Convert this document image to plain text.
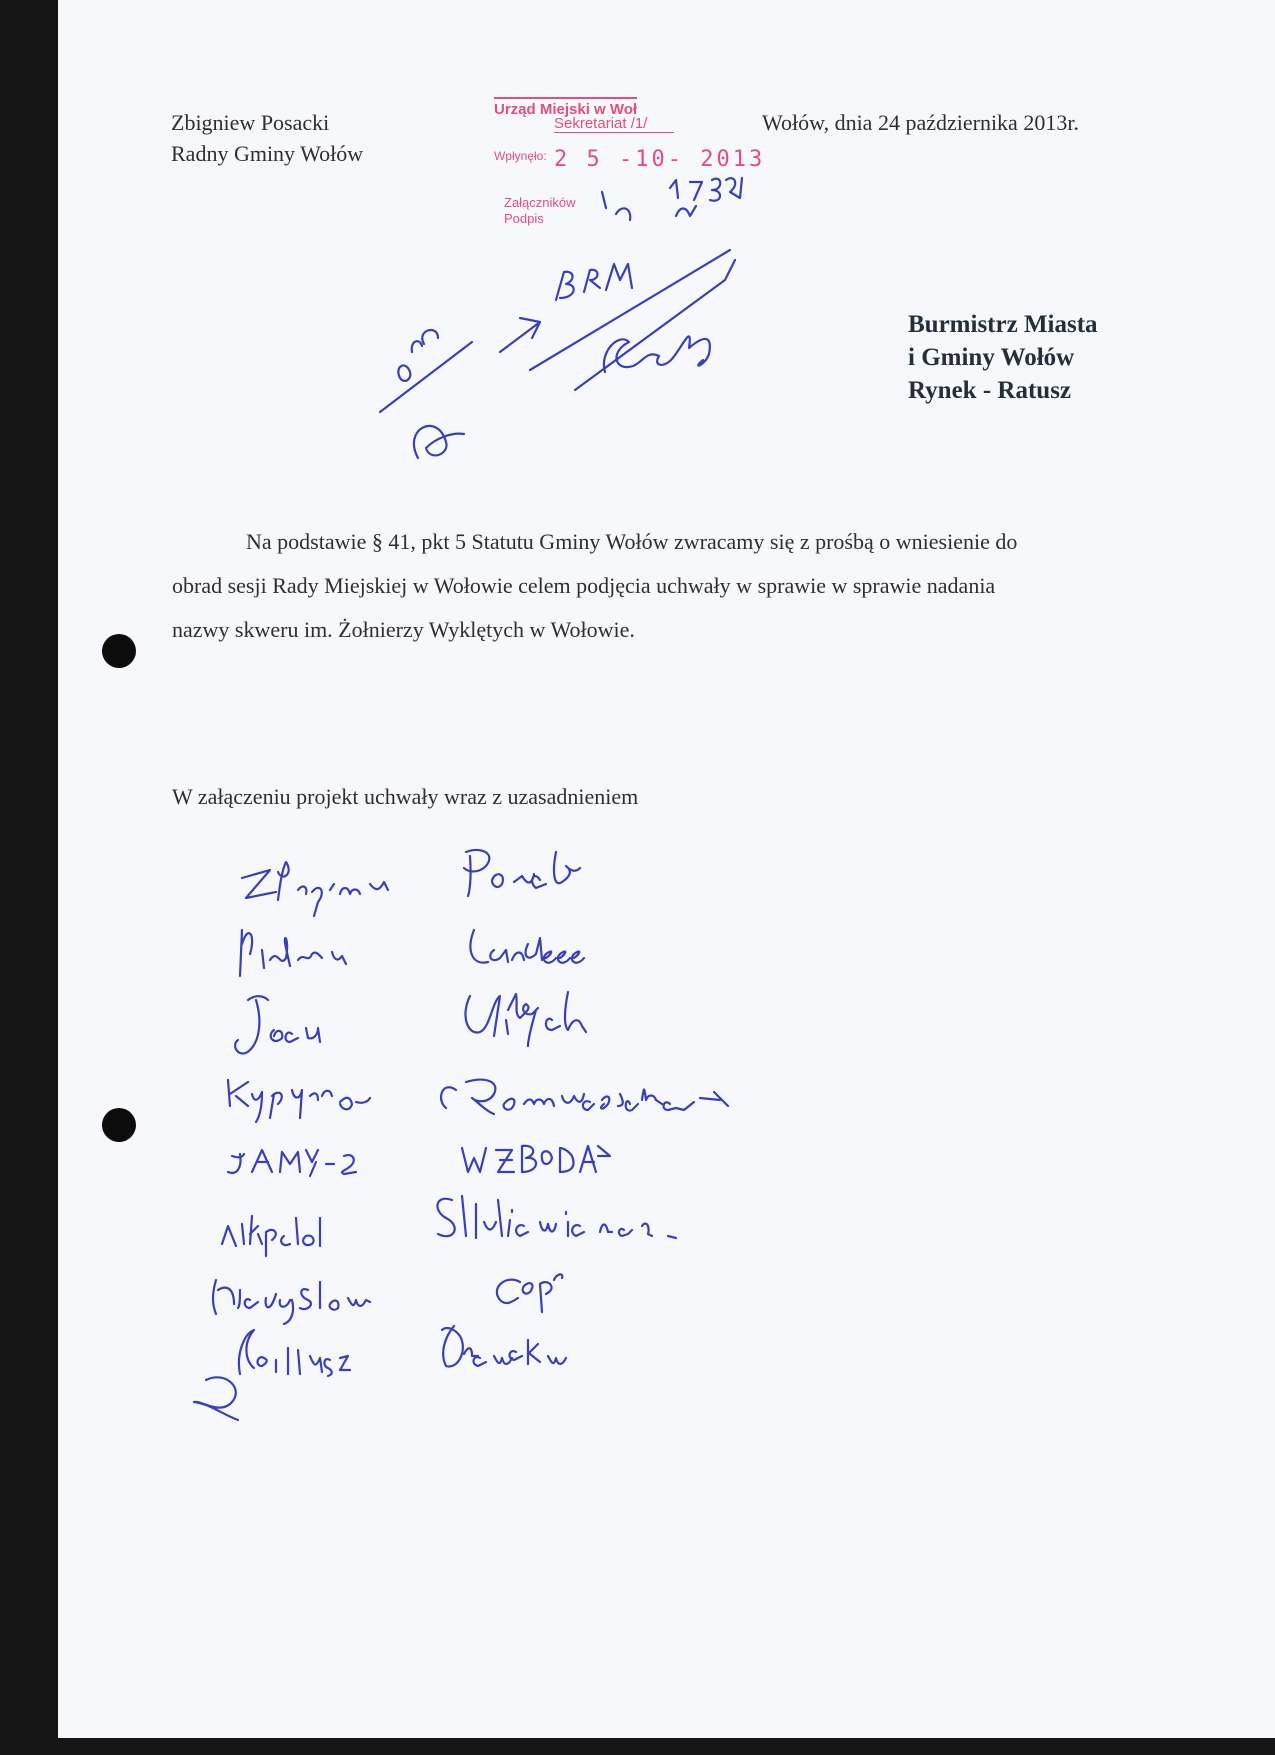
Zbigniew Posacki
Radny Gminy Wołów
Wołów, dnia 24 października 2013r.
Urząd Miejski w Woł
Sekretariat /1/
Wpłynęło: 2 5 -10- 2013
Załączników
Podpis
Burmistrz Miasta
i Gminy Wołów
Rynek - Ratusz

Na podstawie § 41, pkt 5 Statutu Gminy Wołów zwracamy się z prośbą o wniesienie do

obrad sesji Rady Miejskiej w Wołowie celem podjęcia uchwały w sprawie w sprawie nadania

nazwy skweru im. Żołnierzy Wyklętych w Wołowie.

W załączeniu projekt uchwały wraz z uzasadnieniem
